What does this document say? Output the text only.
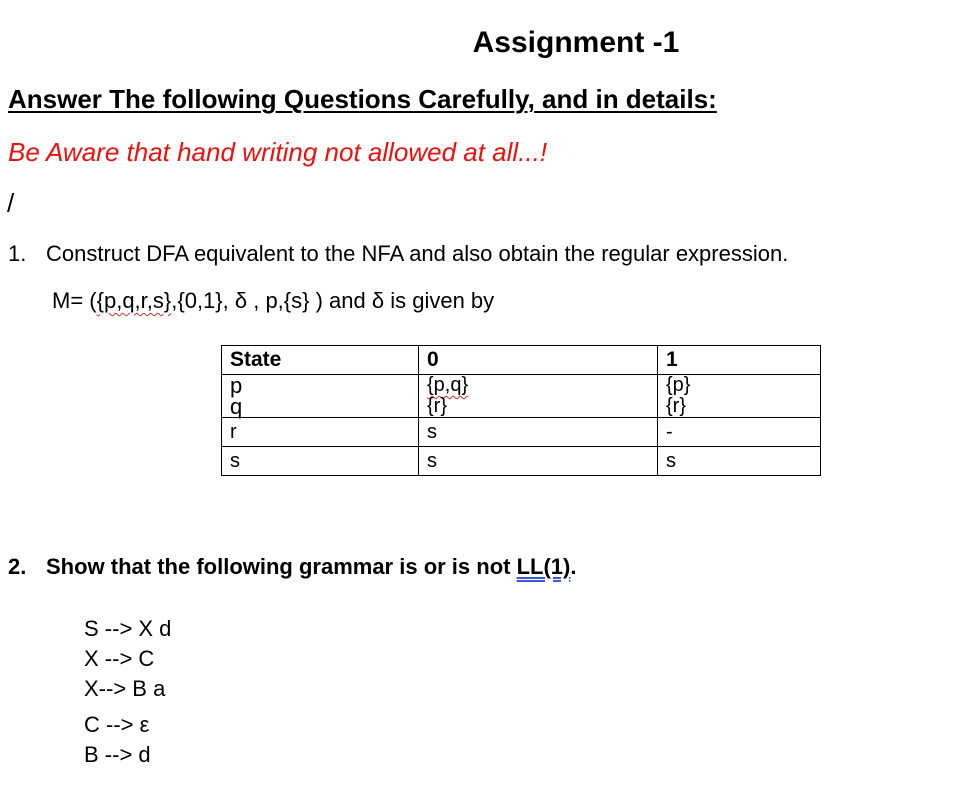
Assignment -1
Answer The following Questions Carefully, and in details:
Be Aware that hand writing not allowed at all...!
/
1. Construct DFA equivalent to the NFA and also obtain the regular expression.
M= ({p,q,r,s},{0,1}, δ , p,{s} ) and δ is given by
State	0	1
p	{p,q}	{p}
q	{r}	{r}
r	s	-
s	s	s
2. Show that the following grammar is or is not LL(1).
S --> X d
X --> C
X--> B a
C --> ε
B --> d
